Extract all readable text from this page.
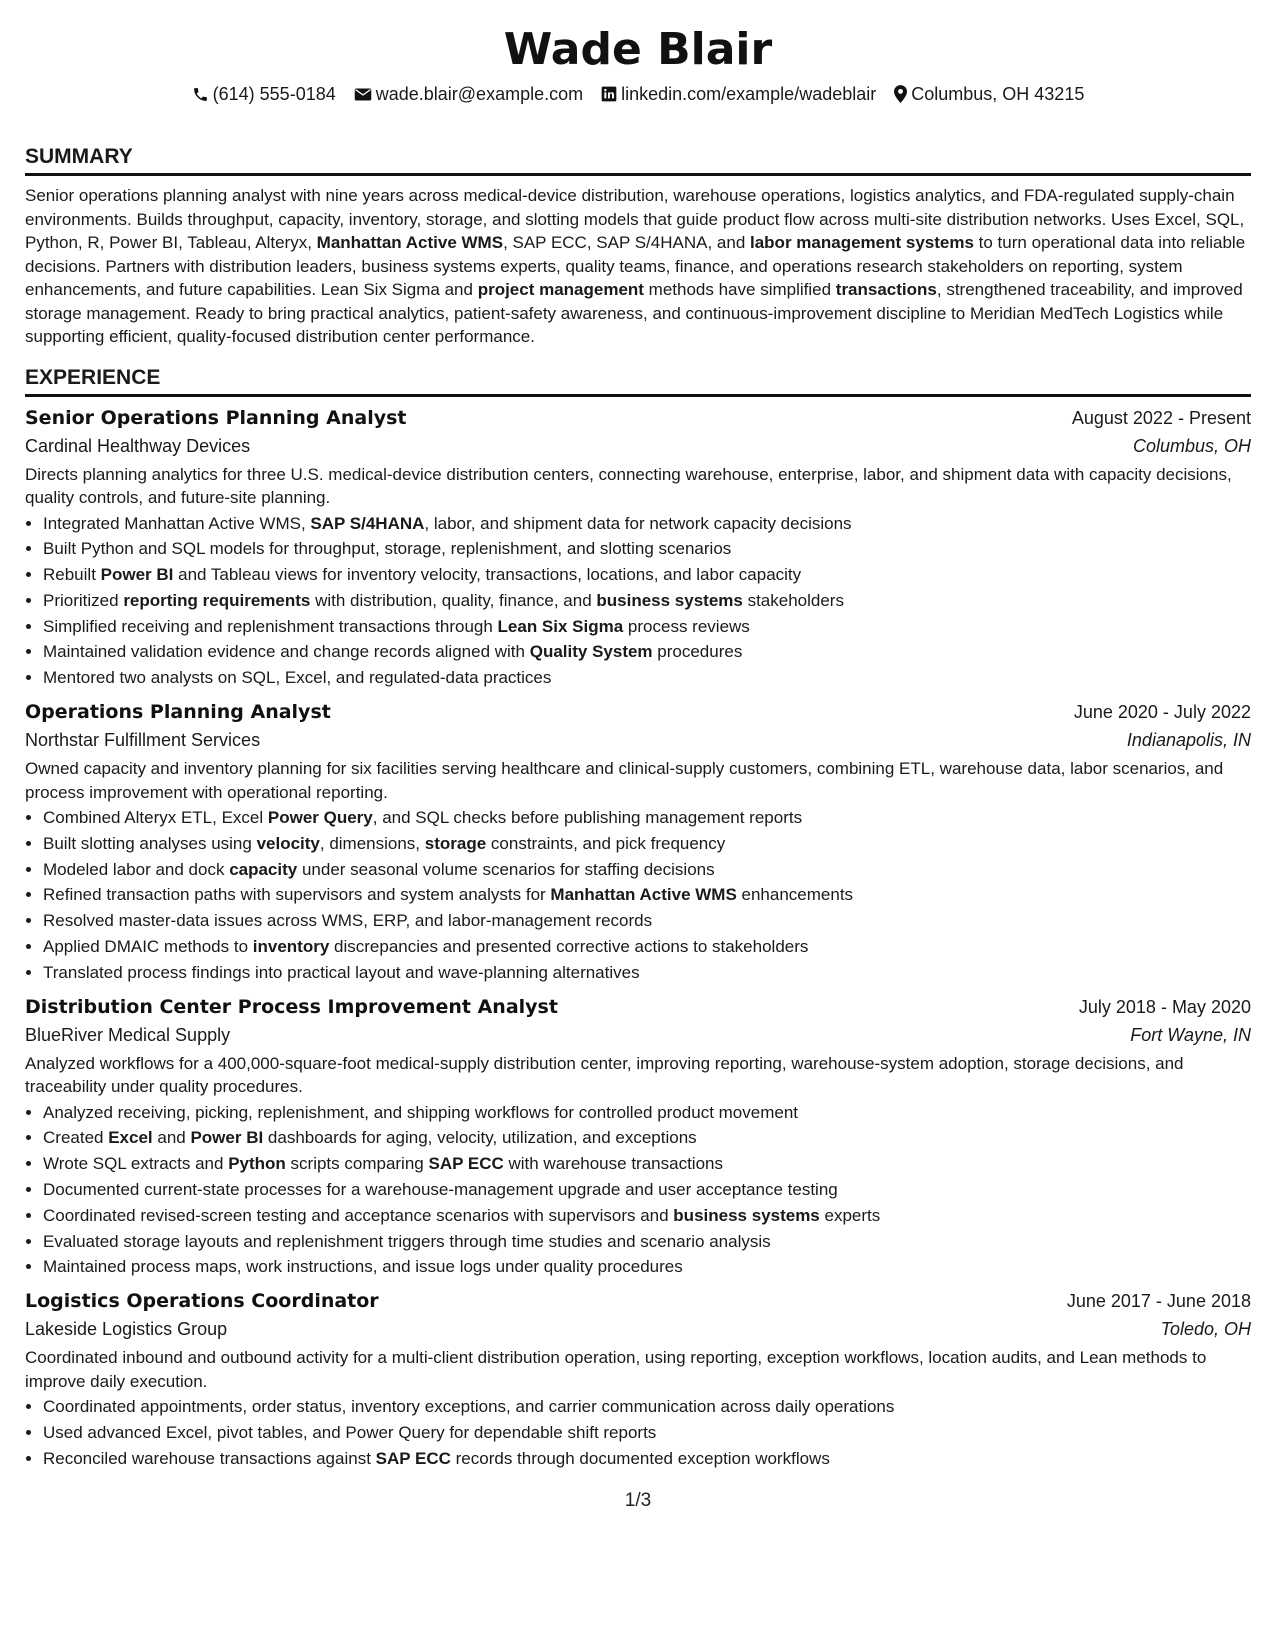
Wade Blair
(614) 555-0184 wade.blair@example.com linkedin.com/example/wadeblair Columbus, OH 43215
SUMMARY
Senior operations planning analyst with nine years across medical-device distribution, warehouse operations, logistics analytics, and FDA-regulated supply-chain environments. Builds throughput, capacity, inventory, storage, and slotting models that guide product flow across multi-site distribution networks. Uses Excel, SQL, Python, R, Power BI, Tableau, Alteryx, Manhattan Active WMS, SAP ECC, SAP S/4HANA, and labor management systems to turn operational data into reliable decisions. Partners with distribution leaders, business systems experts, quality teams, finance, and operations research stakeholders on reporting, system enhancements, and future capabilities. Lean Six Sigma and project management methods have simplified transactions, strengthened traceability, and improved storage management. Ready to bring practical analytics, patient-safety awareness, and continuous-improvement discipline to Meridian MedTech Logistics while supporting efficient, quality-focused distribution center performance.
EXPERIENCE
Senior Operations Planning Analyst	August 2022 - Present
Cardinal Healthway Devices	Columbus, OH
Directs planning analytics for three U.S. medical-device distribution centers, connecting warehouse, enterprise, labor, and shipment data with capacity decisions, quality controls, and future-site planning.
• Integrated Manhattan Active WMS, SAP S/4HANA, labor, and shipment data for network capacity decisions
• Built Python and SQL models for throughput, storage, replenishment, and slotting scenarios
• Rebuilt Power BI and Tableau views for inventory velocity, transactions, locations, and labor capacity
• Prioritized reporting requirements with distribution, quality, finance, and business systems stakeholders
• Simplified receiving and replenishment transactions through Lean Six Sigma process reviews
• Maintained validation evidence and change records aligned with Quality System procedures
• Mentored two analysts on SQL, Excel, and regulated-data practices
Operations Planning Analyst	June 2020 - July 2022
Northstar Fulfillment Services	Indianapolis, IN
Owned capacity and inventory planning for six facilities serving healthcare and clinical-supply customers, combining ETL, warehouse data, labor scenarios, and process improvement with operational reporting.
• Combined Alteryx ETL, Excel Power Query, and SQL checks before publishing management reports
• Built slotting analyses using velocity, dimensions, storage constraints, and pick frequency
• Modeled labor and dock capacity under seasonal volume scenarios for staffing decisions
• Refined transaction paths with supervisors and system analysts for Manhattan Active WMS enhancements
• Resolved master-data issues across WMS, ERP, and labor-management records
• Applied DMAIC methods to inventory discrepancies and presented corrective actions to stakeholders
• Translated process findings into practical layout and wave-planning alternatives
Distribution Center Process Improvement Analyst	July 2018 - May 2020
BlueRiver Medical Supply	Fort Wayne, IN
Analyzed workflows for a 400,000-square-foot medical-supply distribution center, improving reporting, warehouse-system adoption, storage decisions, and traceability under quality procedures.
• Analyzed receiving, picking, replenishment, and shipping workflows for controlled product movement
• Created Excel and Power BI dashboards for aging, velocity, utilization, and exceptions
• Wrote SQL extracts and Python scripts comparing SAP ECC with warehouse transactions
• Documented current-state processes for a warehouse-management upgrade and user acceptance testing
• Coordinated revised-screen testing and acceptance scenarios with supervisors and business systems experts
• Evaluated storage layouts and replenishment triggers through time studies and scenario analysis
• Maintained process maps, work instructions, and issue logs under quality procedures
Logistics Operations Coordinator	June 2017 - June 2018
Lakeside Logistics Group	Toledo, OH
Coordinated inbound and outbound activity for a multi-client distribution operation, using reporting, exception workflows, location audits, and Lean methods to improve daily execution.
• Coordinated appointments, order status, inventory exceptions, and carrier communication across daily operations
• Used advanced Excel, pivot tables, and Power Query for dependable shift reports
• Reconciled warehouse transactions against SAP ECC records through documented exception workflows
1/3
